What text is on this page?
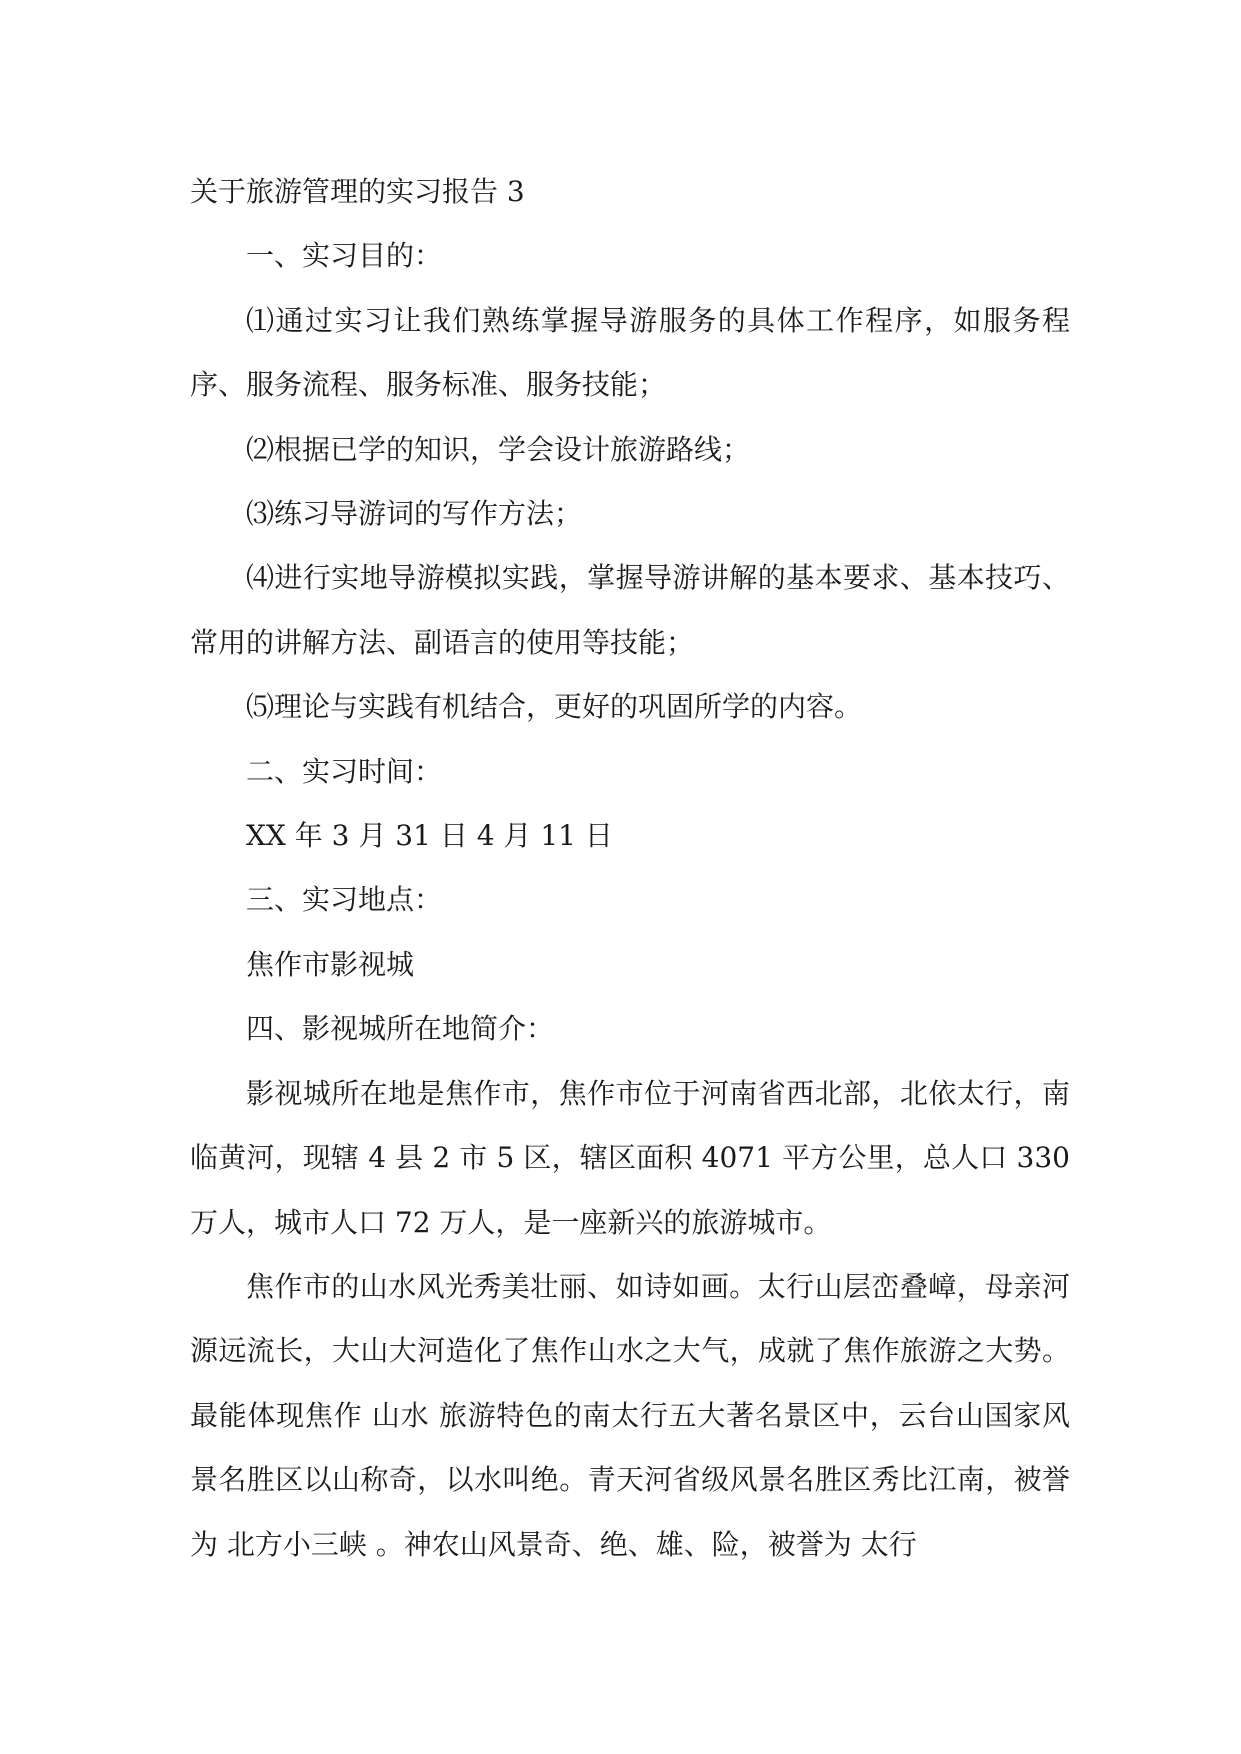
关于旅游管理的实习报告 3

一、实习目的：

⑴通过实习让我们熟练掌握导游服务的具体工作程序，如服务程序、服务流程、服务标准、服务技能；

⑵根据已学的知识，学会设计旅游路线；

⑶练习导游词的写作方法；

⑷进行实地导游模拟实践，掌握导游讲解的基本要求、基本技巧、常用的讲解方法、副语言的使用等技能；

⑸理论与实践有机结合，更好的巩固所学的内容。

二、实习时间：

XX 年 3 月 31 日 4 月 11 日

三、实习地点：

焦作市影视城

四、影视城所在地简介：

影视城所在地是焦作市，焦作市位于河南省西北部，北依太行，南临黄河，现辖 4 县 2 市 5 区，辖区面积 4071 平方公里，总人口 330 万人，城市人口 72 万人，是一座新兴的旅游城市。

焦作市的山水风光秀美壮丽、如诗如画。太行山层峦叠嶂，母亲河源远流长，大山大河造化了焦作山水之大气，成就了焦作旅游之大势。最能体现焦作 山水 旅游特色的南太行五大著名景区中，云台山国家风景名胜区以山称奇，以水叫绝。青天河省级风景名胜区秀比江南，被誉为 北方小三峡 。神农山风景奇、绝、雄、险，被誉为 太行
